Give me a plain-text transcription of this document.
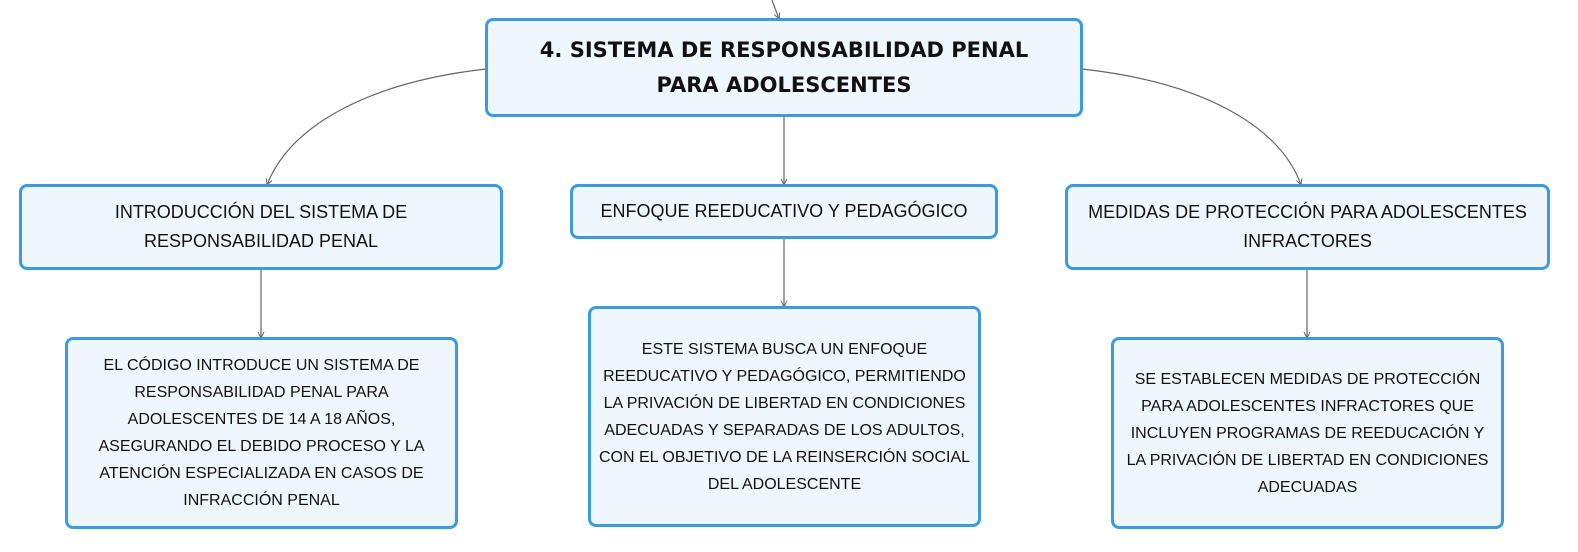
4. SISTEMA DE RESPONSABILIDAD PENAL PARA ADOLESCENTES
INTRODUCCIÓN DEL SISTEMA DE RESPONSABILIDAD PENAL
ENFOQUE REEDUCATIVO Y PEDAGÓGICO	MEDIDAS DE PROTECCIÓN PARA ADOLESCENTES INFRACTORES
EL CÓDIGO INTRODUCE UN SISTEMA DE RESPONSABILIDAD PENAL PARA ADOLESCENTES DE 14 A 18 AÑOS, ASEGURANDO EL DEBIDO PROCESO Y LA ATENCIÓN ESPECIALIZADA EN CASOS DE INFRACCIÓN PENAL
ESTE SISTEMA BUSCA UN ENFOQUE REEDUCATIVO Y PEDAGÓGICO, PERMITIENDO LA PRIVACIÓN DE LIBERTAD EN CONDICIONES ADECUADAS Y SEPARADAS DE LOS ADULTOS, CON EL OBJETIVO DE LA REINSERCIÓN SOCIAL DEL ADOLESCENTE
SE ESTABLECEN MEDIDAS DE PROTECCIÓN PARA ADOLESCENTES INFRACTORES QUE INCLUYEN PROGRAMAS DE REEDUCACIÓN Y LA PRIVACIÓN DE LIBERTAD EN CONDICIONES ADECUADAS
